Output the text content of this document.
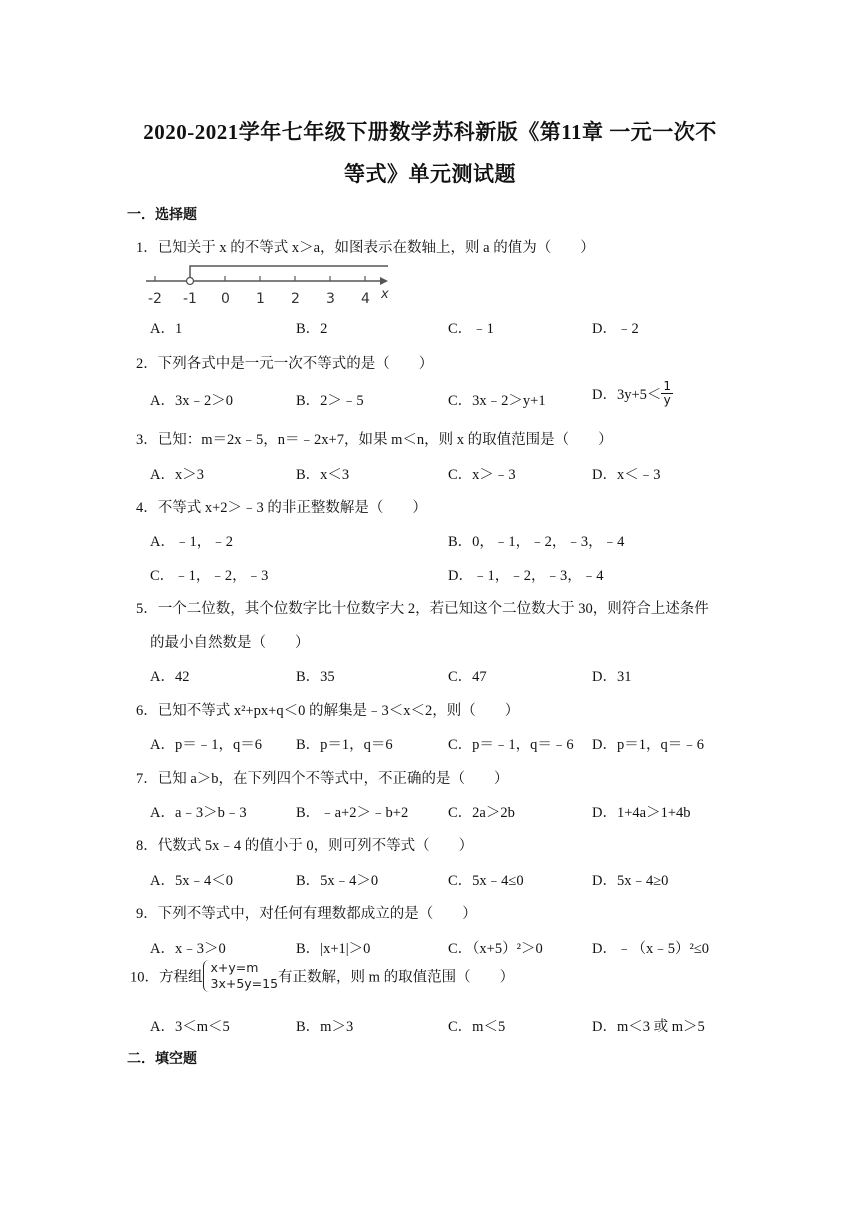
2020-2021学年七年级下册数学苏科新版《第11章 一元一次不
等式》单元测试题
一．选择题
1．已知关于 x 的不等式 x＞a，如图表示在数轴上，则 a 的值为（　　）
-2 -1 0 1 2 3 4 x
A．1	B．2	C．﹣1	D．﹣2
2．下列各式中是一元一次不等式的是（　　）
A．3x﹣2＞0	B．2＞﹣5	C．3x﹣2＞y+1	D．$3y+5< \frac{1}{y}$
3．已知：m＝2x﹣5，n＝﹣2x+7，如果 m＜n，则 x 的取值范围是（　　）
A．x＞3	B．x＜3	C．x＞﹣3	D．x＜﹣3
4．不等式 x+2＞﹣3 的非正整数解是（　　）
A．﹣1，﹣2	B．0，﹣1，﹣2，﹣3，﹣4
C．﹣1，﹣2，﹣3	D．﹣1，﹣2，﹣3，﹣4
5．一个二位数，其个位数字比十位数字大 2，若已知这个二位数大于 30，则符合上述条件
的最小自然数是（　　）
A．42	B．35	C．47	D．31
6．已知不等式 x²+px+q＜0 的解集是﹣3＜x＜2，则（　　）
A．p＝﹣1，q＝6 B．p＝1，q＝6	C．p＝﹣1，q＝﹣6 D．p＝1，q＝﹣6
7．已知 a＞b，在下列四个不等式中，不正确的是（　　）
A．a﹣3＞b﹣3	B．﹣a+2＞﹣b+2	C．2a＞2b	D．1+4a＞1+4b
8．代数式 5x﹣4 的值小于 0，则可列不等式（　　）
A．5x﹣4＜0	B．5x﹣4＞0	C．5x﹣4≤0	D．5x﹣4≥0
9．下列不等式中，对任何有理数都成立的是（　　）
A．x﹣3＞0	B．|x+1|＞0	C．（x+5）²＞0	D．﹣（x﹣5）²≤0
10．方程组
x+y=m
3x+5y=15 有正数解，则 m 的取值范围（　　）
A．3＜m＜5	B．m＞3	C．m＜5	D．m＜3 或 m＞5
二．填空题
